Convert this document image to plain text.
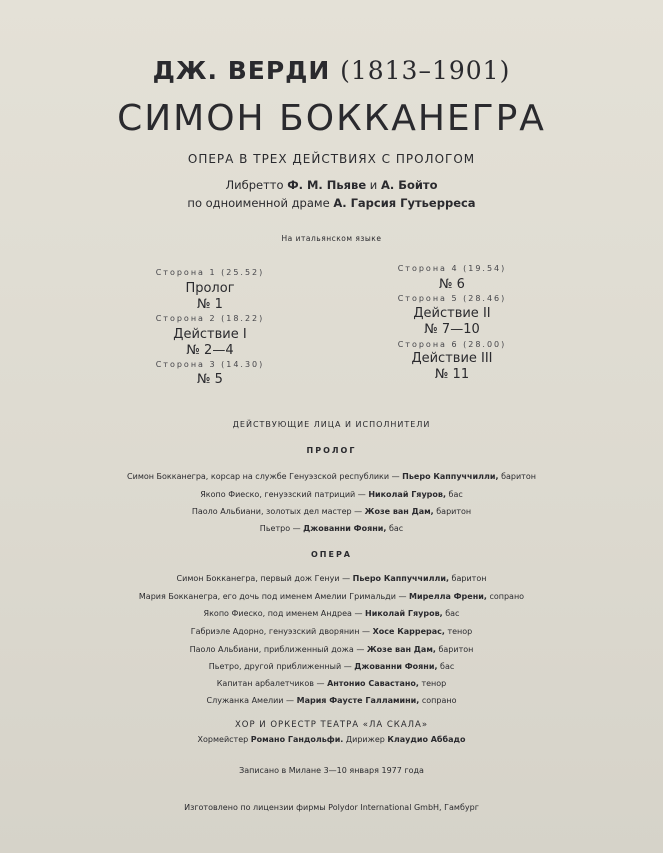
ДЖ. ВЕРДИ (1813–1901)
СИМОН БОККАНЕГРА
ОПЕРА В ТРЕХ ДЕЙСТВИЯХ С ПРОЛОГОМ
Либретто Ф. М. Пьяве и А. Бойто
по одноименной драме А. Гарсия Гутьерреса
На итальянском языке
Сторона 1 (25.52)
Пролог
№ 1
Сторона 2 (18.22)
Действие I
№ 2—4
Сторона 3 (14.30)
№ 5
Сторона 4 (19.54)
№ 6
Сторона 5 (28.46)
Действие II
№ 7—10
Сторона 6 (28.00)
Действие III
№ 11
ДЕЙСТВУЮЩИЕ ЛИЦА И ИСПОЛНИТЕЛИ
ПРОЛОГ
Симон Бокканегра, корсар на службе Генуэзской республики — Пьеро Каппуччилли, баритон
Якопо Фиеско, генуэзский патриций — Николай Гяуров, бас
Паоло Альбиани, золотых дел мастер — Жозе ван Дам, баритон
Пьетро — Джованни Фояни, бас
ОПЕРА
Симон Бокканегра, первый дож Генуи — Пьеро Каппуччилли, баритон
Мария Бокканегра, его дочь под именем Амелии Гримальди — Мирелла Френи, сопрано
Якопо Фиеско, под именем Андреа — Николай Гяуров, бас
Габриэле Адорно, генуэзский дворянин — Хосе Каррерас, тенор
Паоло Альбиани, приближенный дожа — Жозе ван Дам, баритон
Пьетро, другой приближенный — Джованни Фояни, бас
Капитан арбалетчиков — Антонио Савастано, тенор
Служанка Амелии — Мария Фаусте Галламини, сопрано
ХОР И ОРКЕСТР ТЕАТРА «ЛА СКАЛА»
Хормейстер Романо Гандольфи. Дирижер Клаудио Аббадо
Записано в Милане 3—10 января 1977 года
Изготовлено по лицензии фирмы Polydor International GmbH, Гамбург
